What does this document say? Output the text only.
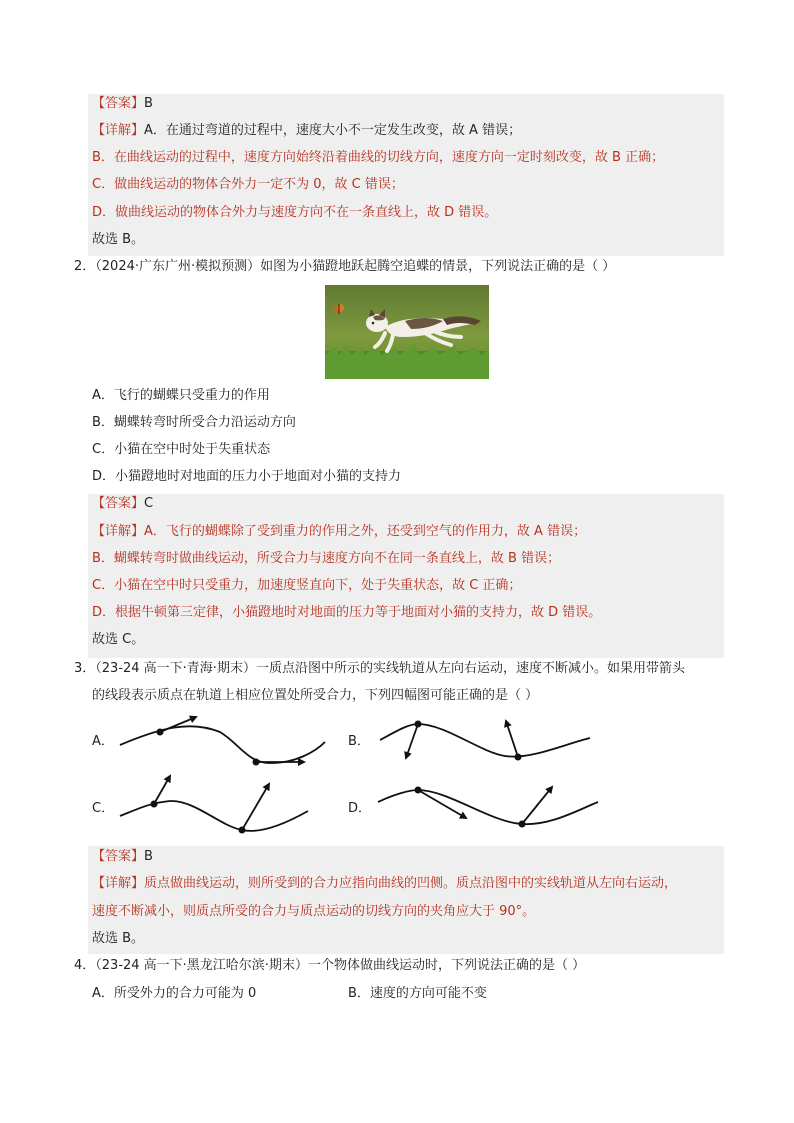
【答案】B
【详解】A．在通过弯道的过程中，速度大小不一定发生改变，故 A 错误；
B．在曲线运动的过程中，速度方向始终沿着曲线的切线方向，速度方向一定时刻改变，故 B 正确；
C．做曲线运动的物体合外力一定不为 0，故 C 错误；
D．做曲线运动的物体合外力与速度方向不在一条直线上，故 D 错误。
故选 B。
2．（2024·广东广州·模拟预测）如图为小猫蹬地跃起腾空追蝶的情景，下列说法正确的是（ ）
A．飞行的蝴蝶只受重力的作用
B．蝴蝶转弯时所受合力沿运动方向
C．小猫在空中时处于失重状态
D．小猫蹬地时对地面的压力小于地面对小猫的支持力
【答案】C
【详解】A．飞行的蝴蝶除了受到重力的作用之外，还受到空气的作用力，故 A 错误；
B．蝴蝶转弯时做曲线运动，所受合力与速度方向不在同一条直线上，故 B 错误；
C．小猫在空中时只受重力，加速度竖直向下，处于失重状态，故 C 正确；
D．根据牛顿第三定律，小猫蹬地时对地面的压力等于地面对小猫的支持力，故 D 错误。
故选 C。
3．（23-24 高一下·青海·期末）一质点沿图中所示的实线轨道从左向右运动，速度不断减小。如果用带箭头
的线段表示质点在轨道上相应位置处所受合力，下列四幅图可能正确的是（ ）
A．	B．
C．	D．
【答案】B
【详解】质点做曲线运动，则所受到的合力应指向曲线的凹侧。质点沿图中的实线轨道从左向右运动，
速度不断减小，则质点所受的合力与质点运动的切线方向的夹角应大于 90°。
故选 B。
4．（23-24 高一下·黑龙江哈尔滨·期末）一个物体做曲线运动时，下列说法正确的是（ ）
A．所受外力的合力可能为 0	B．速度的方向可能不变
